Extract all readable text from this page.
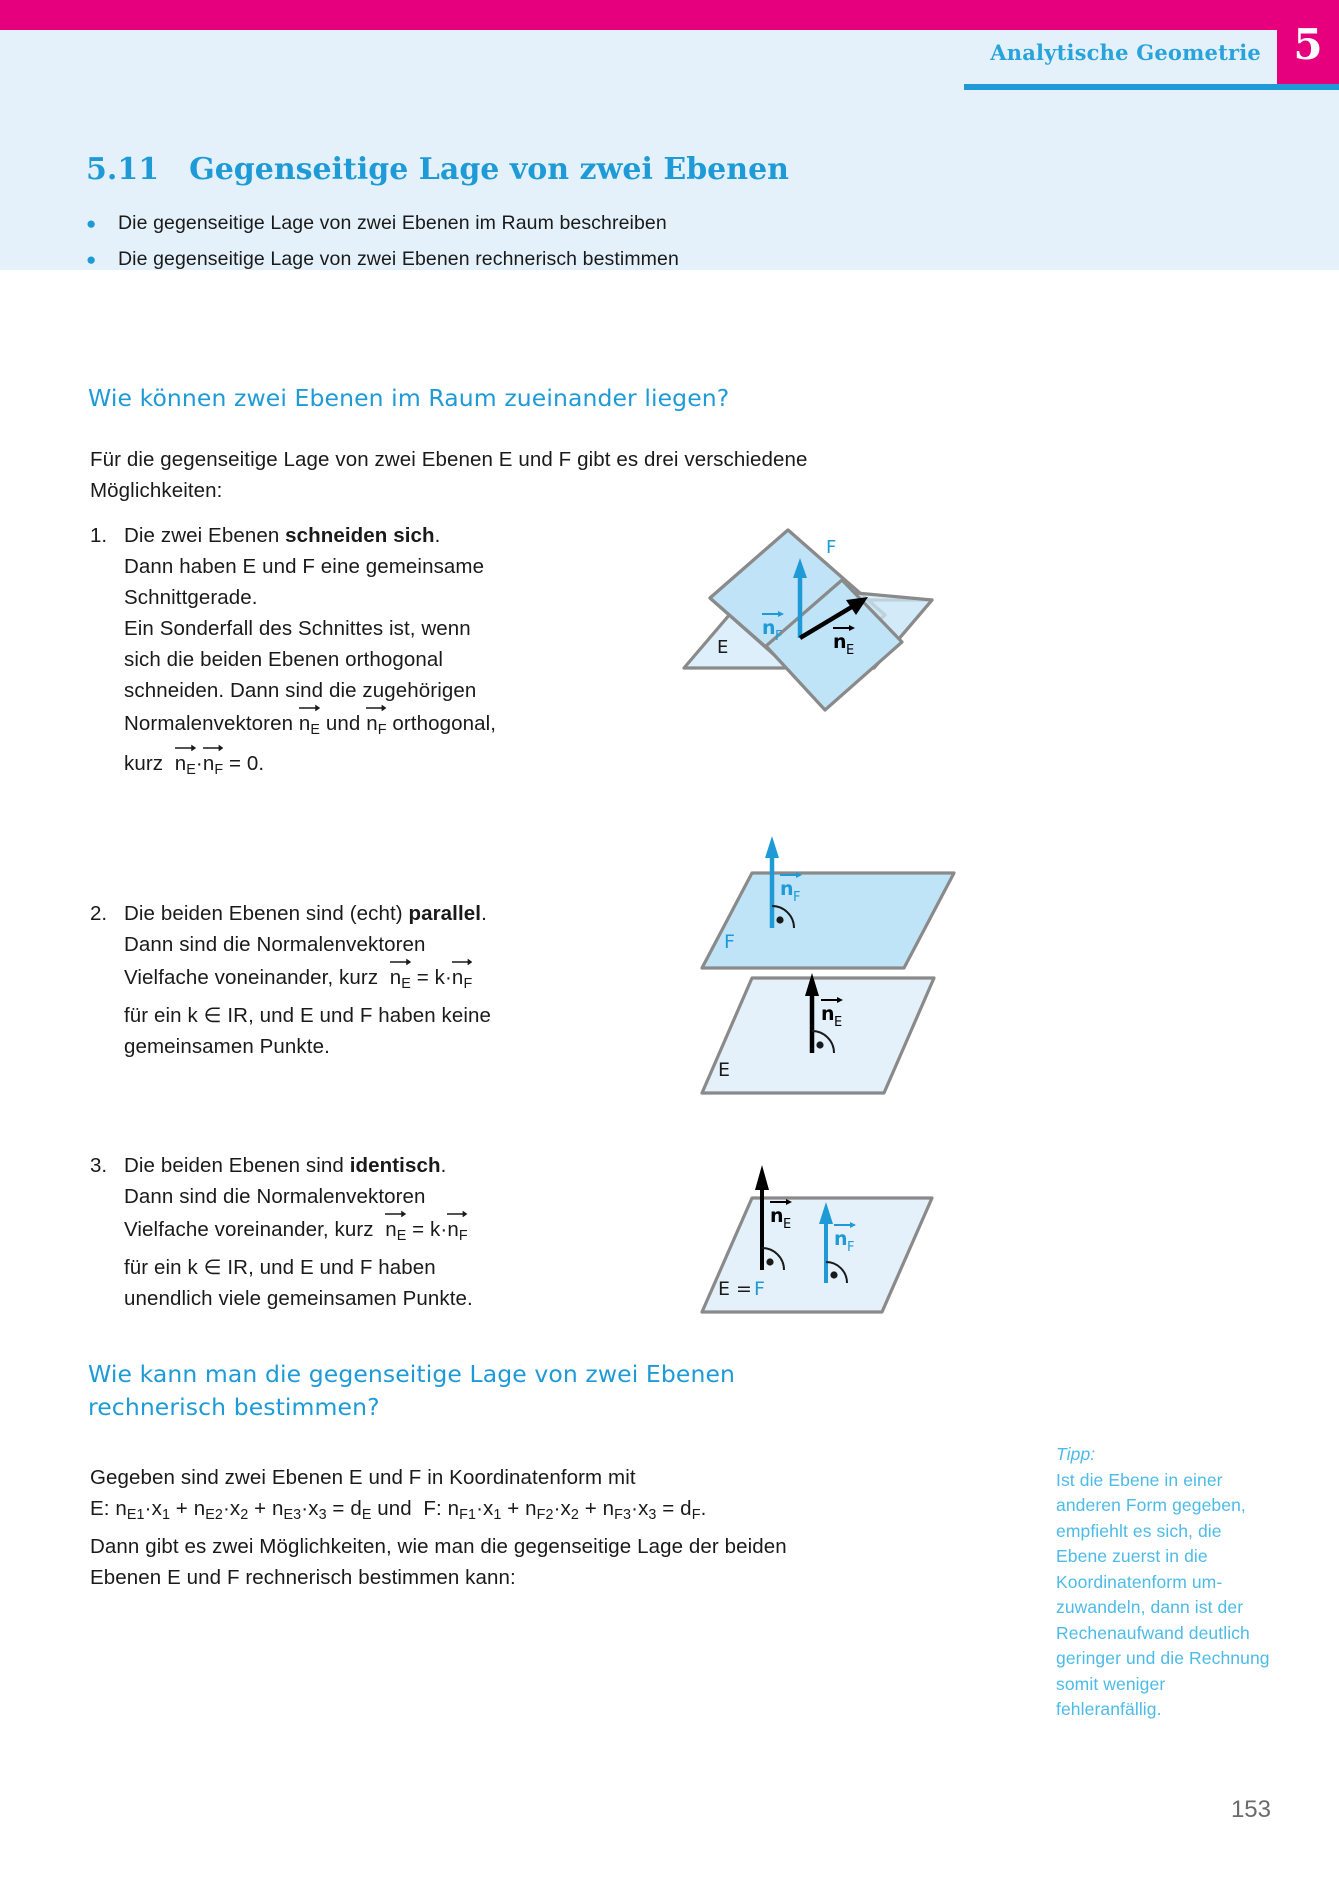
Analytische Geometrie 5
5.11 Gegenseitige Lage von zwei Ebenen
●	Die gegenseitige Lage von zwei Ebenen im Raum beschreiben
●	Die gegenseitige Lage von zwei Ebenen rechnerisch bestimmen
Wie können zwei Ebenen im Raum zueinander liegen?
Für die gegenseitige Lage von zwei Ebenen E und F gibt es drei verschiedene
Möglichkeiten:
1. Die zwei Ebenen schneiden sich.
Dann haben E und F eine gemeinsame
Schnittgerade.
Ein Sonderfall des Schnittes ist, wenn
sich die beiden Ebenen orthogonal
schneiden. Dann sind die zugehörigen
Normalenvektoren
$n_E$ und
$n_F$ orthogonal,
kurz
$n_E\cdot$
$n_F = 0$.
2. Die beiden Ebenen sind (echt) parallel.
Dann sind die Normalenvektoren
Vielfache voneinander, kurz
$n_E = k\cdot$
$n_F$
für ein k ∈ IR, und E und F haben keine
gemeinsamen Punkte.
3. Die beiden Ebenen sind identisch.
Dann sind die Normalenvektoren
Vielfache voreinander, kurz
$n_E = k\cdot$
$n_F$
für ein k ∈ IR, und E und F haben
unendlich viele gemeinsamen Punkte.
F
E
n F	n E
F
n F
E
n E
E = F
n E
n F
Wie kann man die gegenseitige Lage von zwei Ebenen
rechnerisch bestimmen?
Gegeben sind zwei Ebenen E und F in Koordinatenform mit
E: $n_{E1}\cdot x_1 + n_{E2}\cdot x_2 + n_{E3}\cdot x_3 = d_E$ und F: $n_{F1}\cdot x_1 + n_{F2}\cdot x_2 + n_{F3}\cdot x_3 = d_F$.
Dann gibt es zwei Möglichkeiten, wie man die gegenseitige Lage der beiden
Ebenen E und F rechnerisch bestimmen kann:
Tipp:
Ist die Ebene in einer anderen Form gegeben, empfiehlt es sich, die Ebene zuerst in die Koordinatenform um- zuwandeln, dann ist der Rechenaufwand deutlich geringer und die Rechnung somit weniger fehleranfällig.
153
